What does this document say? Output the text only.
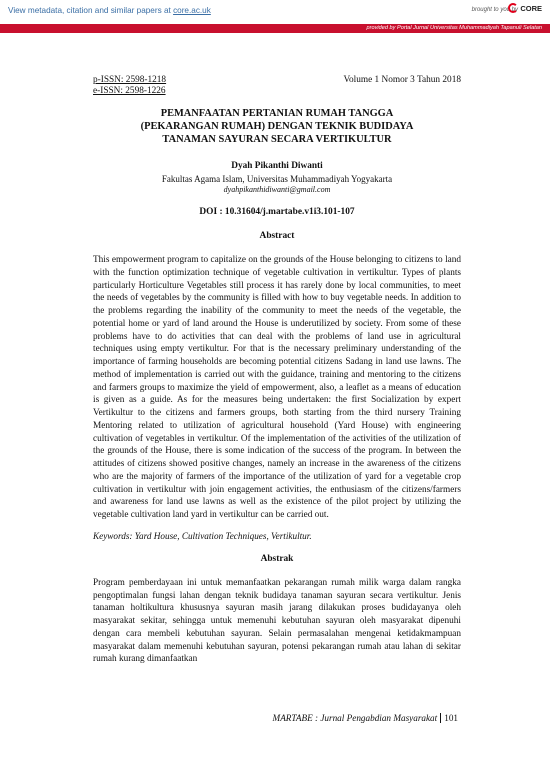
View metadata, citation and similar papers at core.ac.uk	brought to you by CORE
provided by Portal Jurnal Universitas Muhammadiyah Tapanuli Selatan
p-ISSN: 2598-1218
e-ISSN: 2598-1226
Volume 1 Nomor 3 Tahun 2018
PEMANFAATAN PERTANIAN RUMAH TANGGA
(PEKARANGAN RUMAH) DENGAN TEKNIK BUDIDAYA
TANAMAN SAYURAN SECARA VERTIKULTUR
Dyah Pikanthi Diwanti
Fakultas Agama Islam, Universitas Muhammadiyah Yogyakarta
dyahpikanthidiwanti@gmail.com
DOI : 10.31604/j.martabe.v1i3.101-107
Abstract
This empowerment program to capitalize on the grounds of the House belonging to citizens to land with the function optimization technique of vegetable cultivation in vertikultur. Types of plants particularly Horticulture Vegetables still process it has rarely done by local communities, to meet the needs of vegetables by the community is filled with how to buy vegetable needs. In addition to the problems regarding the inability of the community to meet the needs of the vegetable, the potential home or yard of land around the House is underutilized by society. From some of these problems have to do activities that can deal with the problems of land use in agricultural techniques using empty vertikultur. For that is the necessary preliminary understanding of the importance of farming households are becoming potential citizens Sadang in land use lawns. The method of implementation is carried out with the guidance, training and mentoring to the citizens and farmers groups to maximize the yield of empowerment, also, a leaflet as a means of education is given as a guide. As for the measures being undertaken: the first Socialization by expert Vertikultur to the citizens and farmers groups, both starting from the third nursery Training Mentoring related to utilization of agricultural household (Yard House) with engineering cultivation of vegetables in vertikultur. Of the implementation of the activities of the utilization of the grounds of the House, there is some indication of the success of the program. In between the attitudes of citizens showed positive changes, namely an increase in the awareness of the citizens who are the majority of farmers of the importance of the utilization of yard for a vegetable crop cultivation in vertikultur with join engagement activities, the enthusiasm of the citizens/farmers and awareness for land use lawns as well as the existence of the pilot project by utilizing the vegetable cultivation land yard in vertikultur can be carried out.
Keywords: Yard House, Cultivation Techniques, Vertikultur.
Abstrak
Program pemberdayaan ini untuk memanfaatkan pekarangan rumah milik warga dalam rangka pengoptimalan fungsi lahan dengan teknik budidaya tanaman sayuran secara vertikultur. Jenis tanaman holtikultura khususnya sayuran masih jarang dilakukan proses budidayanya oleh masyarakat sekitar, sehingga untuk memenuhi kebutuhan sayuran oleh masyarakat dipenuhi dengan cara membeli kebutuhan sayuran. Selain permasalahan mengenai ketidakmampuan masyarakat dalam memenuhi kebutuhan sayuran, potensi pekarangan rumah atau lahan di sekitar rumah kurang dimanfaatkan
MARTABE : Jurnal Pengabdian Masyarakat 101
